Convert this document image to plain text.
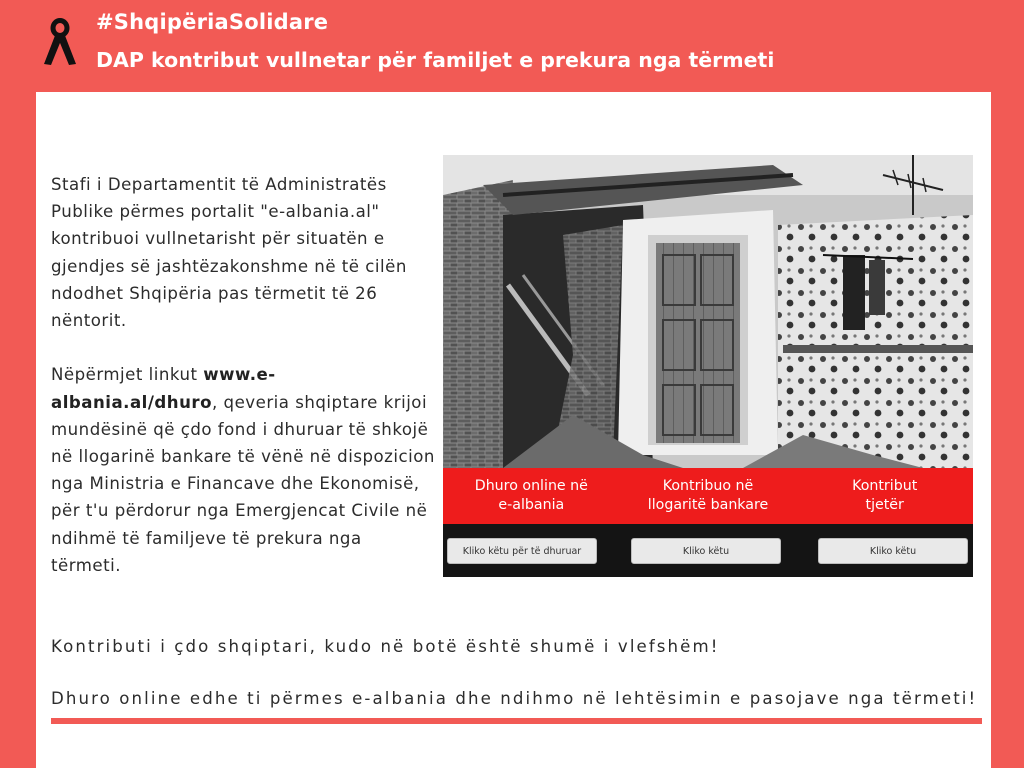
#ShqipëriaSolidare
DAP kontribut vullnetar për familjet e prekura nga tërmeti

Stafi i Departamentit të Administratës Publike përmes portalit "e-albania.al" kontribuoi vullnetarisht për situatën e gjendjes së jashtëzakonshme në të cilën ndodhet Shqipëria pas tërmetit të 26 nëntorit.

Nëpërmjet linkut www.e-albania.al/dhuro, qeveria shqiptare krijoi mundësinë që çdo fond i dhuruar të shkojë në llogarinë bankare të vënë në dispozicion nga Ministria e Financave dhe Ekonomisë, për t'u përdorur nga Emergjencat Civile në ndihmë të familjeve të prekura nga tërmeti.

Dhuro online në
e-albania
Kontribuo në
llogaritë bankare
Kontribut
tjetër
Kliko këtu për të dhuruar	Kliko këtu	Kliko këtu
Kontributi i çdo shqiptari, kudo në botë është shumë i vlefshëm!
Dhuro online edhe ti përmes e-albania dhe ndihmo në lehtësimin e pasojave nga tërmeti!
